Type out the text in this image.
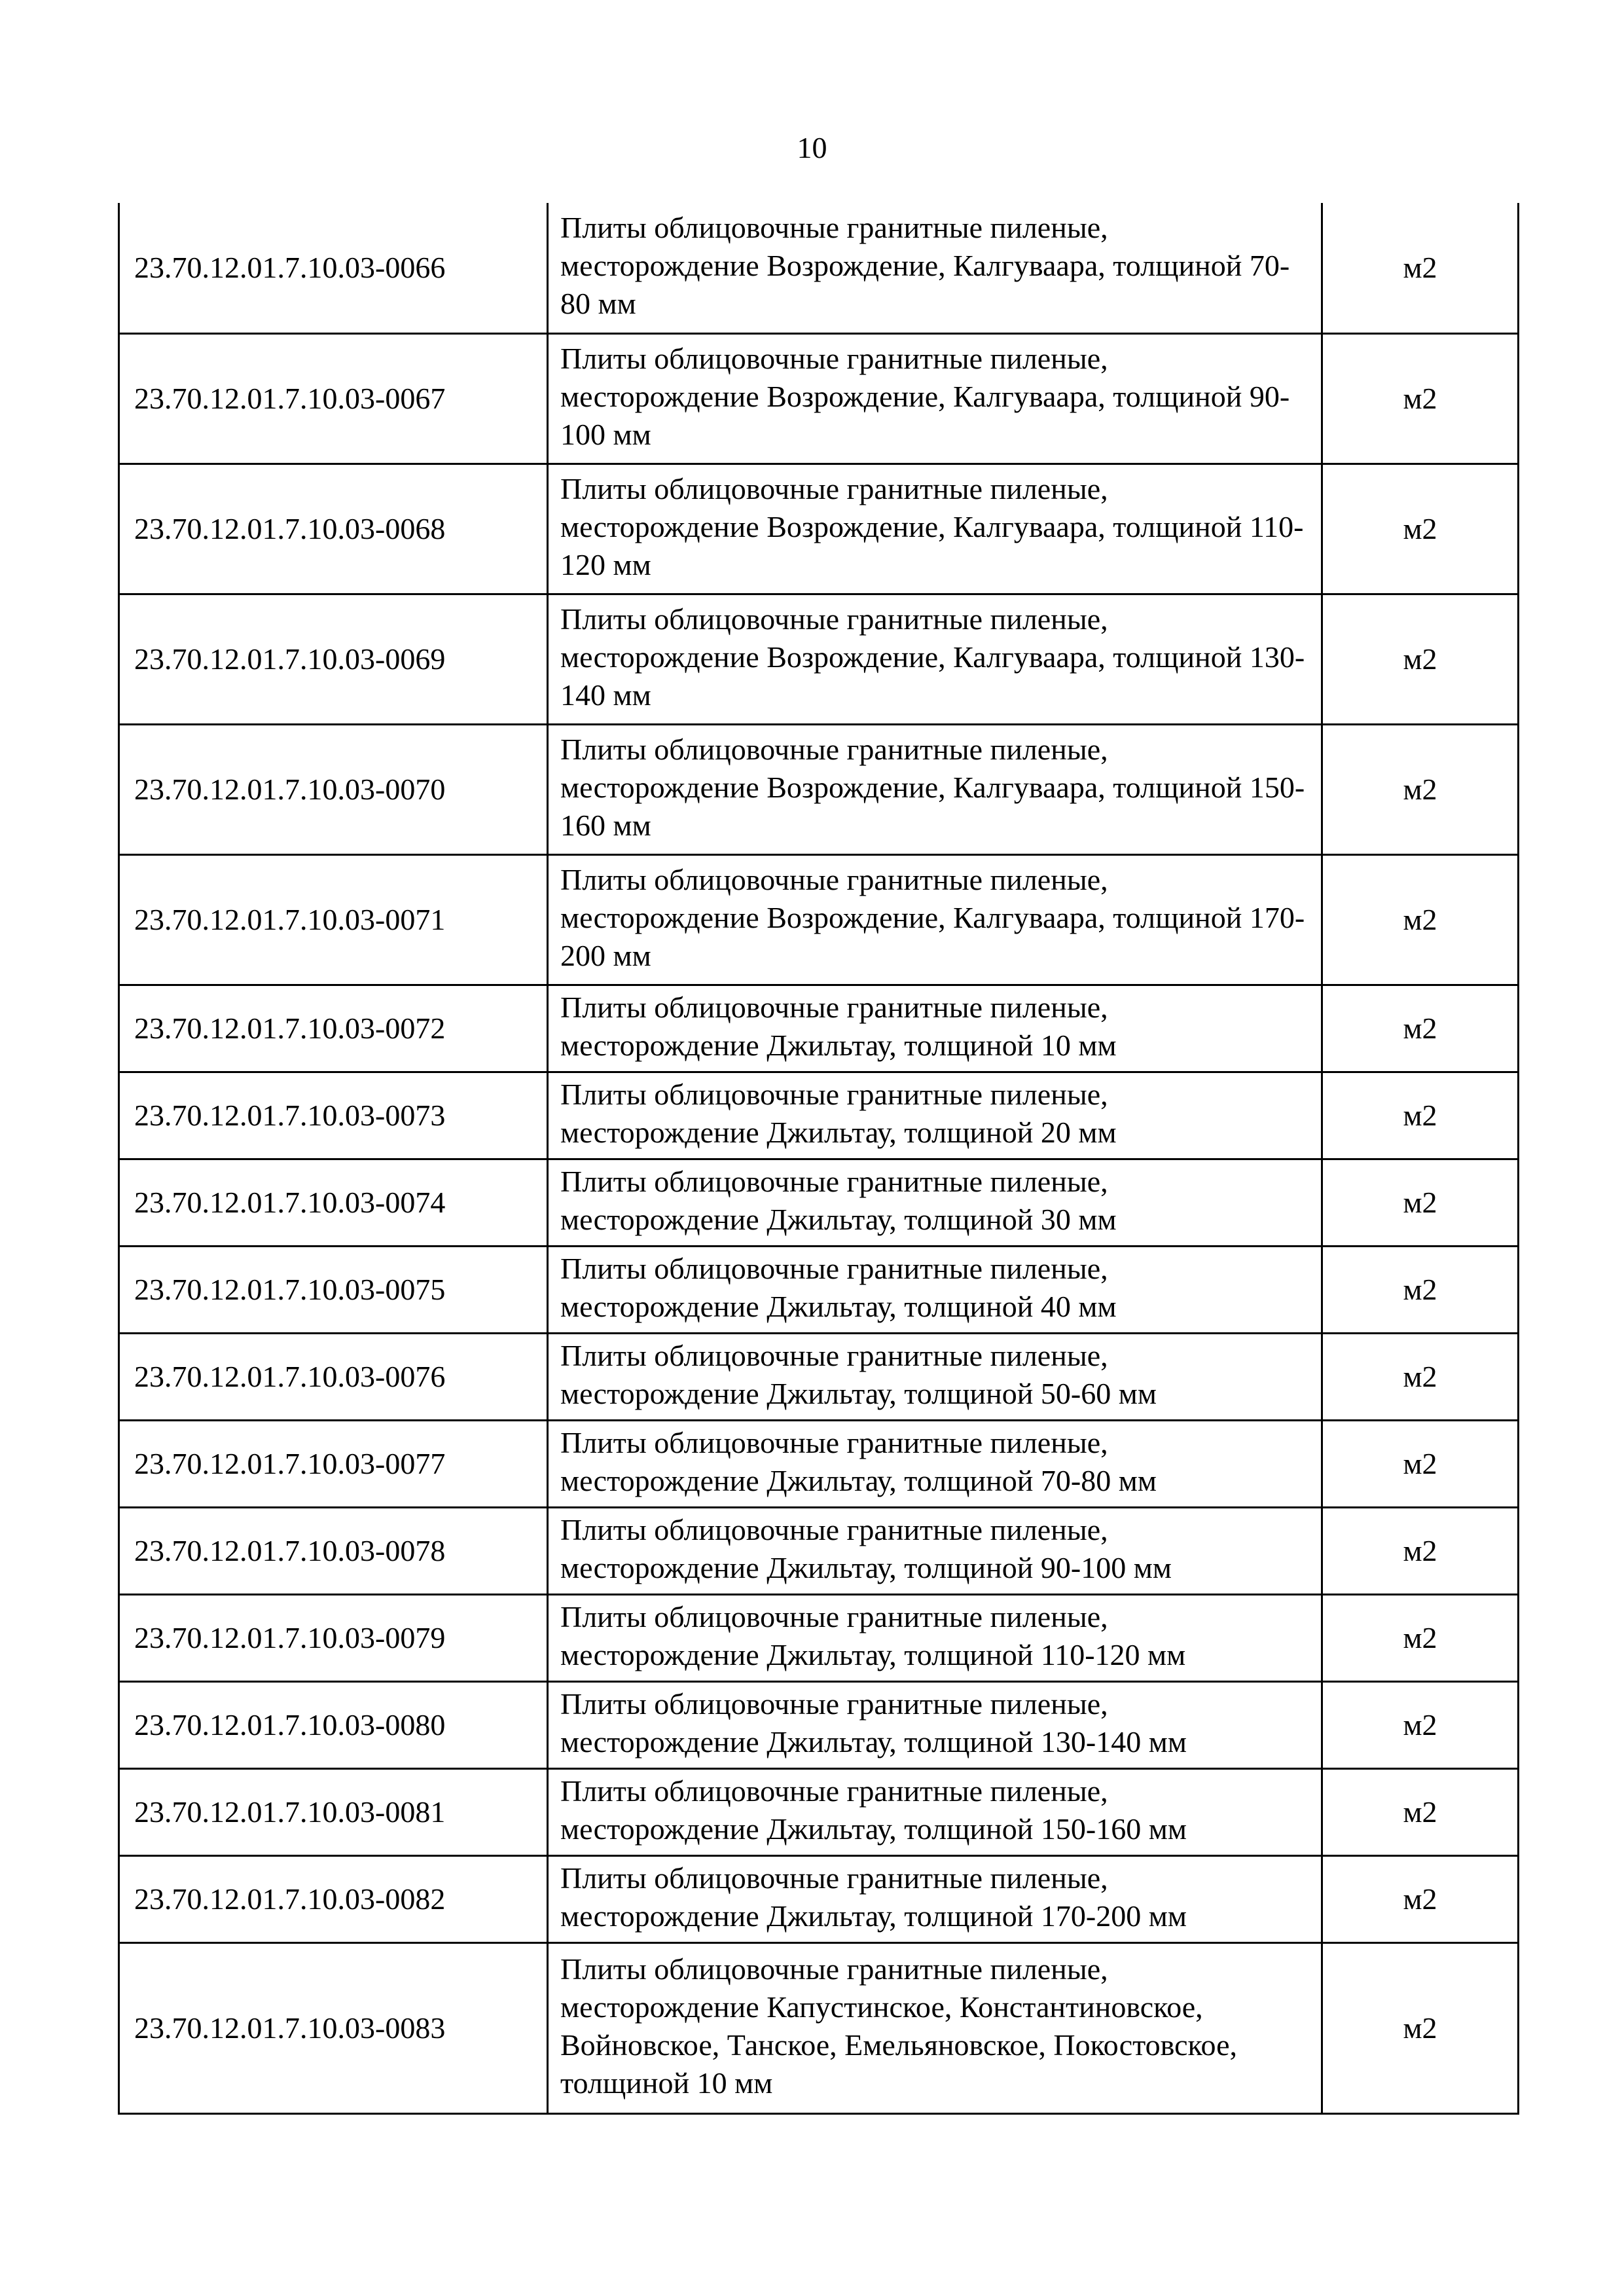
10
23.70.12.01.7.10.03-0066	Плиты облицовочные гранитные пиленые, месторождение Возрождение, Калгуваара, толщиной 70-80 мм	м2
23.70.12.01.7.10.03-0067	Плиты облицовочные гранитные пиленые, месторождение Возрождение, Калгуваара, толщиной 90-100 мм	м2
23.70.12.01.7.10.03-0068	Плиты облицовочные гранитные пиленые, месторождение Возрождение, Калгуваара, толщиной 110-120 мм	м2
23.70.12.01.7.10.03-0069	Плиты облицовочные гранитные пиленые, месторождение Возрождение, Калгуваара, толщиной 130-140 мм	м2
23.70.12.01.7.10.03-0070	Плиты облицовочные гранитные пиленые, месторождение Возрождение, Калгуваара, толщиной 150-160 мм	м2
23.70.12.01.7.10.03-0071	Плиты облицовочные гранитные пиленые, месторождение Возрождение, Калгуваара, толщиной 170-200 мм	м2
23.70.12.01.7.10.03-0072	Плиты облицовочные гранитные пиленые, месторождение Джильтау, толщиной 10 мм	м2
23.70.12.01.7.10.03-0073	Плиты облицовочные гранитные пиленые, месторождение Джильтау, толщиной 20 мм	м2
23.70.12.01.7.10.03-0074	Плиты облицовочные гранитные пиленые, месторождение Джильтау, толщиной 30 мм	м2
23.70.12.01.7.10.03-0075	Плиты облицовочные гранитные пиленые, месторождение Джильтау, толщиной 40 мм	м2
23.70.12.01.7.10.03-0076	Плиты облицовочные гранитные пиленые, месторождение Джильтау, толщиной 50-60 мм	м2
23.70.12.01.7.10.03-0077	Плиты облицовочные гранитные пиленые, месторождение Джильтау, толщиной 70-80 мм	м2
23.70.12.01.7.10.03-0078	Плиты облицовочные гранитные пиленые, месторождение Джильтау, толщиной 90-100 мм	м2
23.70.12.01.7.10.03-0079	Плиты облицовочные гранитные пиленые, месторождение Джильтау, толщиной 110-120 мм	м2
23.70.12.01.7.10.03-0080	Плиты облицовочные гранитные пиленые, месторождение Джильтау, толщиной 130-140 мм	м2
23.70.12.01.7.10.03-0081	Плиты облицовочные гранитные пиленые, месторождение Джильтау, толщиной 150-160 мм	м2
23.70.12.01.7.10.03-0082	Плиты облицовочные гранитные пиленые, месторождение Джильтау, толщиной 170-200 мм	м2
23.70.12.01.7.10.03-0083	Плиты облицовочные гранитные пиленые, месторождение Капустинское, Константиновское, Войновское, Танское, Емельяновское, Покостовское, толщиной 10 мм	м2
